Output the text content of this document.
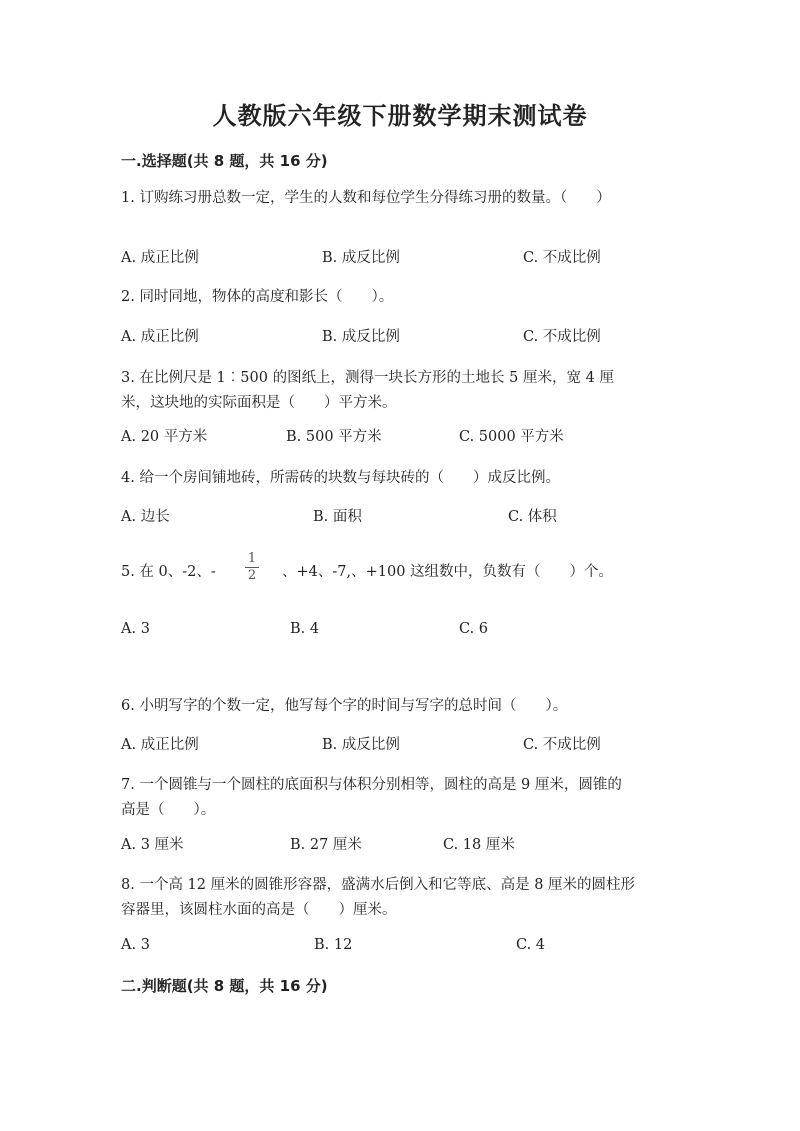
人教版六年级下册数学期末测试卷
一.选择题(共 8 题，共 16 分)
1. 订购练习册总数一定，学生的人数和每位学生分得练习册的数量。（　　）
A. 成正比例	B. 成反比例	C. 不成比例
2. 同时同地，物体的高度和影长（　　）。
A. 成正比例	B. 成反比例	C. 不成比例
3. 在比例尺是 1︰500 的图纸上，测得一块长方形的土地长 5 厘米，宽 4 厘
米，这块地的实际面积是（　　）平方米。
A. 20 平方米	B. 500 平方米	C. 5000 平方米
4. 给一个房间铺地砖，所需砖的块数与每块砖的（　　）成反比例。
A. 边长	B. 面积	C. 体积
5. 在 0、-2、-
1
2 、+4、-7,、+100 这组数中，负数有（　　）个。
A. 3	B. 4	C. 6
6. 小明写字的个数一定，他写每个字的时间与写字的总时间（　　）。
A. 成正比例	B. 成反比例	C. 不成比例
7. 一个圆锥与一个圆柱的底面积与体积分别相等，圆柱的高是 9 厘米，圆锥的
高是（　　）。
A. 3 厘米	B. 27 厘米	C. 18 厘米
8. 一个高 12 厘米的圆锥形容器，盛满水后倒入和它等底、高是 8 厘米的圆柱形
容器里，该圆柱水面的高是（　　）厘米。
A. 3	B. 12	C. 4
二.判断题(共 8 题，共 16 分)
